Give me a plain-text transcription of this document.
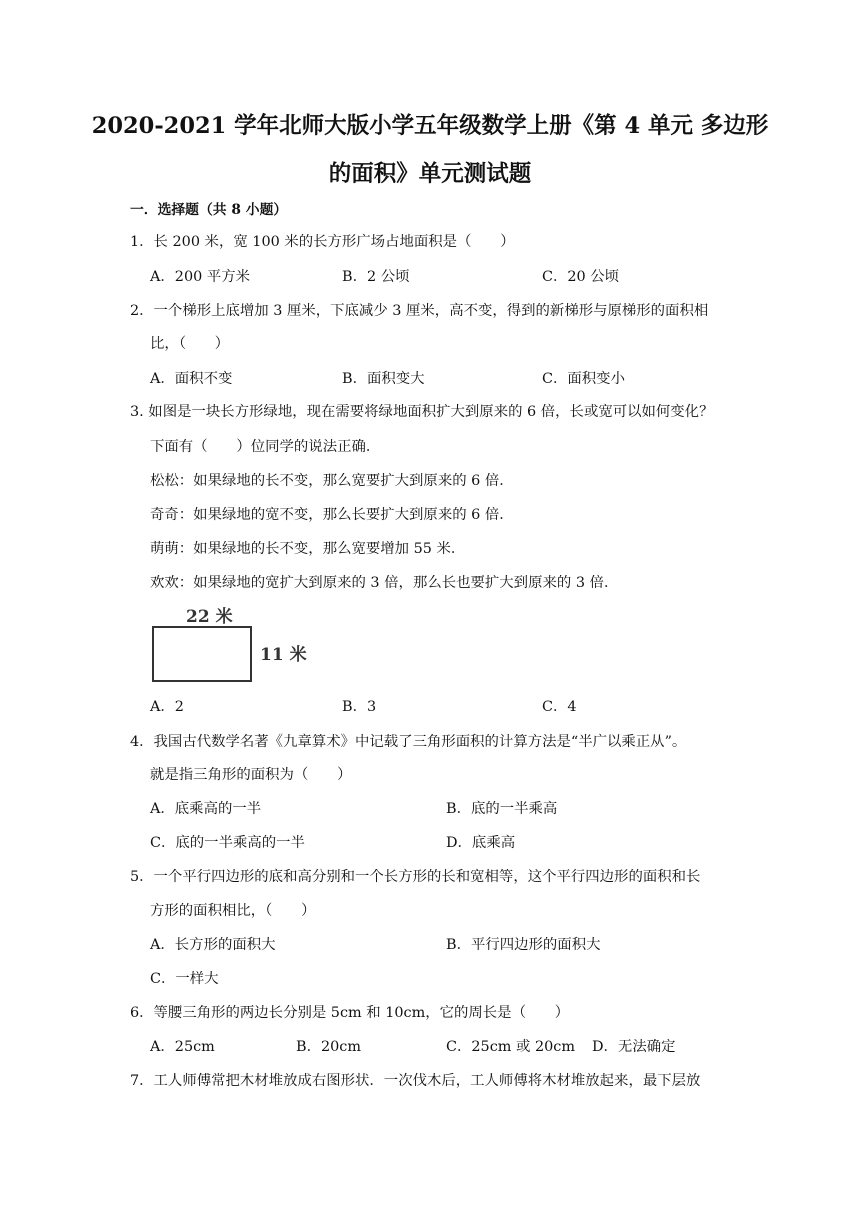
2020-2021 学年北师大版小学五年级数学上册《第 4 单元 多边形
的面积》单元测试题
一．选择题（共 8 小题）
1．长 200 米，宽 100 米的长方形广场占地面积是（　　）
A．200 平方米	B．2 公顷	C．20 公顷
2．一个梯形上底增加 3 厘米，下底减少 3 厘米，高不变，得到的新梯形与原梯形的面积相
比，（　　）
A．面积不变	B．面积变大	C．面积变小
3. 如图是一块长方形绿地，现在需要将绿地面积扩大到原来的 6 倍，长或宽可以如何变化？
下面有（　　）位同学的说法正确．
松松：如果绿地的长不变，那么宽要扩大到原来的 6 倍．
奇奇：如果绿地的宽不变，那么长要扩大到原来的 6 倍．
萌萌：如果绿地的长不变，那么宽要增加 55 米．
欢欢：如果绿地的宽扩大到原来的 3 倍，那么长也要扩大到原来的 3 倍．
22 米
11 米
A．2	B．3	C．4
4．我国古代数学名著《九章算术》中记载了三角形面积的计算方法是“半广以乘正从”。
就是指三角形的面积为（　　）
A．底乘高的一半	B．底的一半乘高
C．底的一半乘高的一半	D．底乘高
5．一个平行四边形的底和高分别和一个长方形的长和宽相等，这个平行四边形的面积和长
方形的面积相比，（　　）
A．长方形的面积大	B．平行四边形的面积大
C．一样大
6．等腰三角形的两边长分别是 5cm 和 10cm，它的周长是（　　）
A．25cm	B．20cm	C．25cm 或 20cm D．无法确定
7．工人师傅常把木材堆放成右图形状．一次伐木后，工人师傅将木材堆放起来，最下层放
